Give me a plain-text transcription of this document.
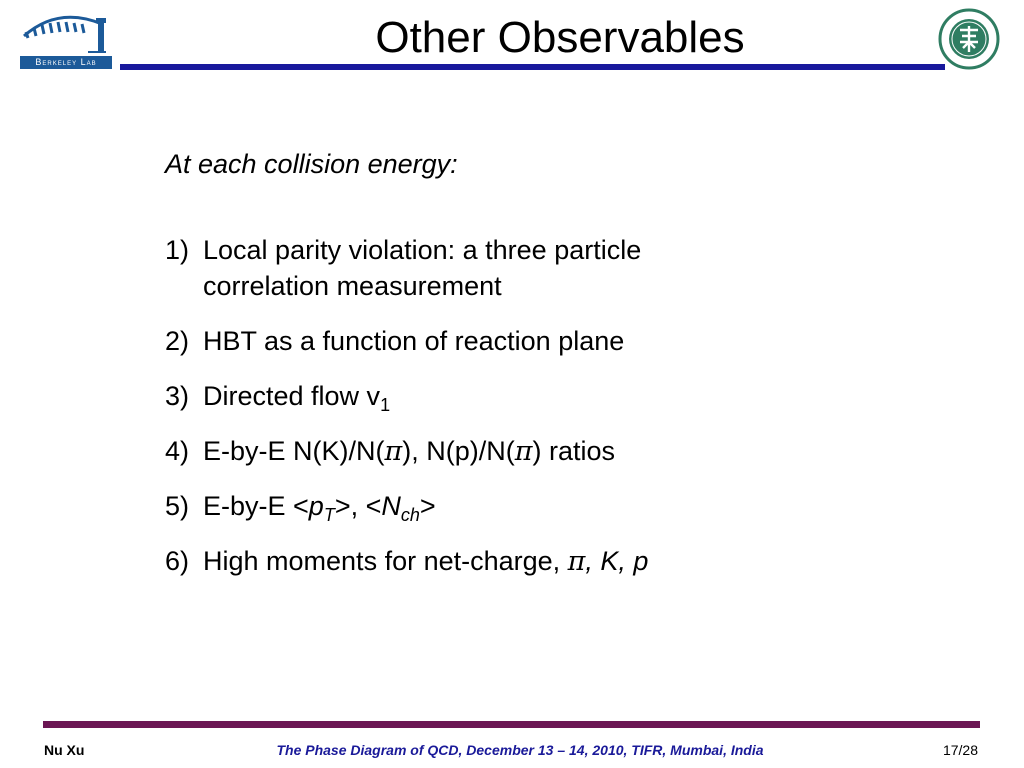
Berkeley Lab	Other Observables

At each collision energy:

1) Local parity violation: a three particle
correlation measurement
2) HBT as a function of reaction plane
3) Directed flow $v_1$
4) E-by-E N(K)/N(π), N(p)/N(π) ratios
5) $E-by-E <p_T>$, $<N_{ch}>$
6) High moments for net-charge, π, K, p
Nu Xu	The Phase Diagram of QCD, December 13 – 14, 2010, TIFR, Mumbai, India	17/28
